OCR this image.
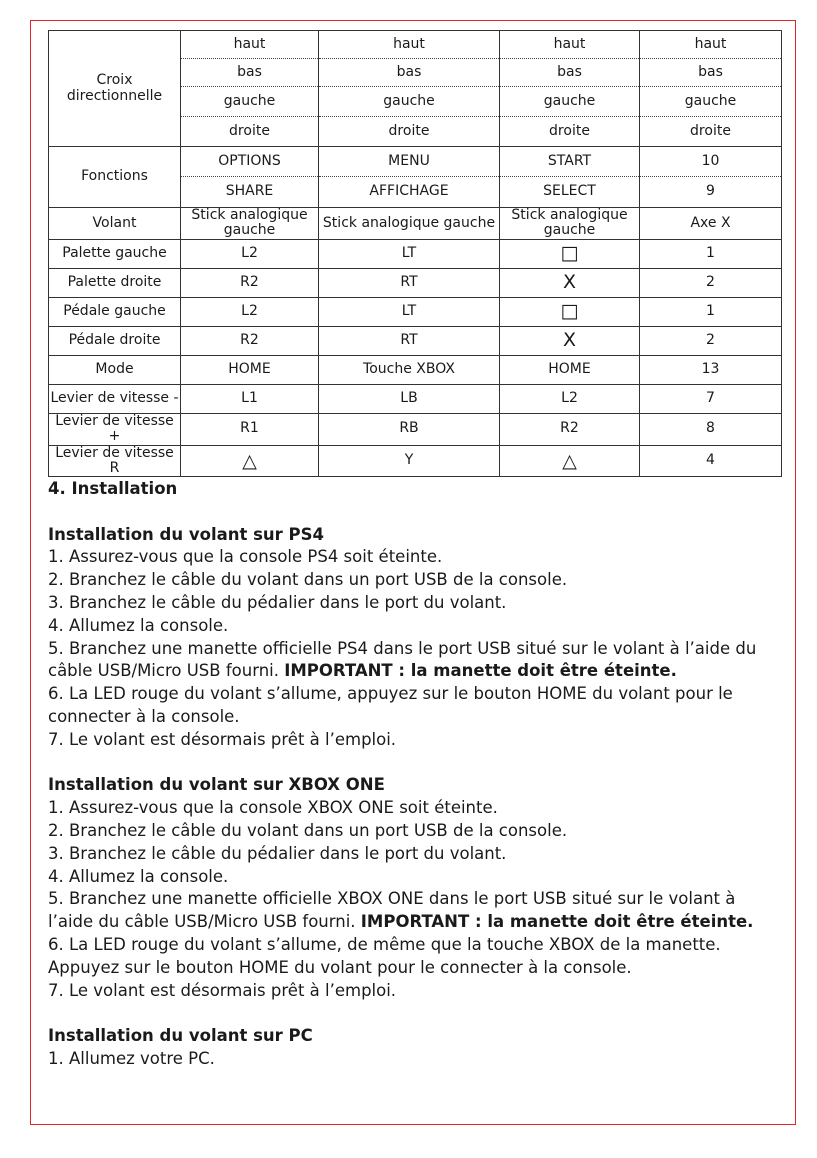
Croix directionnelle	haut	haut	haut	haut
	bas	bas	bas	bas
	gauche	gauche	gauche	gauche
	droite	droite	droite	droite
Fonctions	OPTIONS	MENU	START	10
	SHARE	AFFICHAGE	SELECT	9
Volant	Stick analogique gauche	Stick analogique gauche	Stick analogique gauche	Axe X
Palette gauche	L2	LT	□	1
Palette droite	R2	RT	X	2
Pédale gauche	L2	LT	□	1
Pédale droite	R2	RT	X	2
Mode	HOME	Touche XBOX	HOME	13
Levier de vitesse -	L1	LB	L2	7
Levier de vitesse +	R1	RB	R2	8
Levier de vitesse R	△	Y	△	4
4. Installation
Installation du volant sur PS4
1. Assurez-vous que la console PS4 soit éteinte.
2. Branchez le câble du volant dans un port USB de la console.
3. Branchez le câble du pédalier dans le port du volant.
4. Allumez la console.
5. Branchez une manette officielle PS4 dans le port USB situé sur le volant à l’aide du
câble USB/Micro USB fourni. IMPORTANT : la manette doit être éteinte.
6. La LED rouge du volant s’allume, appuyez sur le bouton HOME du volant pour le
connecter à la console.
7. Le volant est désormais prêt à l’emploi.
Installation du volant sur XBOX ONE
1. Assurez-vous que la console XBOX ONE soit éteinte.
2. Branchez le câble du volant dans un port USB de la console.
3. Branchez le câble du pédalier dans le port du volant.
4. Allumez la console.
5. Branchez une manette officielle XBOX ONE dans le port USB situé sur le volant à
l’aide du câble USB/Micro USB fourni. IMPORTANT : la manette doit être éteinte.
6. La LED rouge du volant s’allume, de même que la touche XBOX de la manette.
Appuyez sur le bouton HOME du volant pour le connecter à la console.
7. Le volant est désormais prêt à l’emploi.
Installation du volant sur PC
1. Allumez votre PC.
